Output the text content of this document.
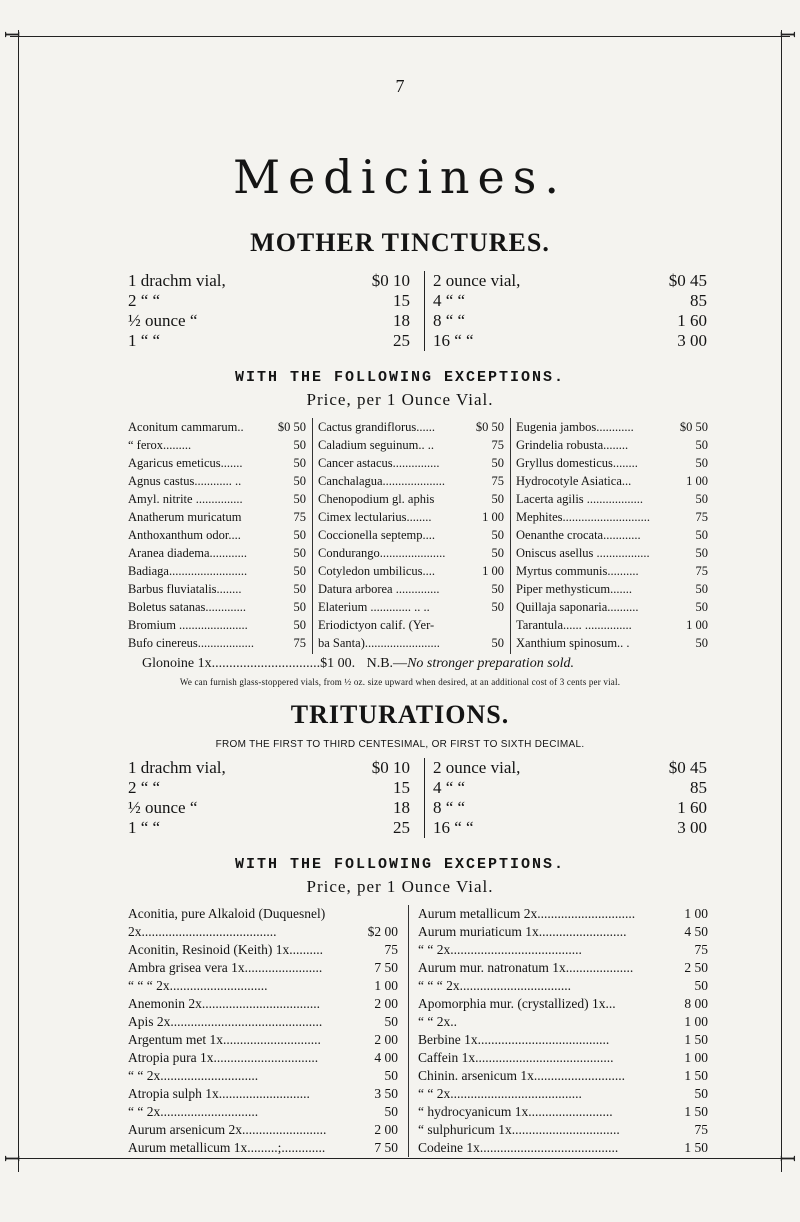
ꟷ	ꟷ
7
Medicines.
MOTHER TINCTURES.
1 drachm vial,	$0 10
2 “ “	15
½ ounce “	18
1 “ “	25
2 ounce vial,	$0 45
4 “ “	85
8 “ “	1 60
16 “ “	3 00
WITH THE FOLLOWING EXCEPTIONS.
Price, per 1 Ounce Vial.
Aconitum cammarum..	$0 50
“ ferox.........	50
Agaricus emeticus.......	50
Agnus castus............ ..	50
Amyl. nitrite ...............	50
Anatherum muricatum	75
Anthoxanthum odor....	50
Aranea diadema............	50
Badiaga.........................	50
Barbus fluviatalis........	50
Boletus satanas.............	50
Bromium ......................	50
Bufo cinereus..................	75
Cactus grandiflorus......	$0 50
Caladium seguinum.. ..	75
Cancer astacus...............	50
Canchalagua....................	75
Chenopodium gl. aphis	50
Cimex lectularius........	1 00
Coccionella septemp....	50
Condurango.....................	50
Cotyledon umbilicus....	1 00
Datura arborea ..............	50
Elaterium ............. .. ..	50
Eriodictyon calif. (Yer-
ba Santa)........................	50
Eugenia jambos............	$0 50
Grindelia robusta........	50
Gryllus domesticus........	50
Hydrocotyle Asiatica...	1 00
Lacerta agilis ..................	50
Mephites............................	75
Oenanthe crocata............	50
Oniscus asellus .................	50
Myrtus communis..........	75
Piper methysticum.......	50
Quillaja saponaria..........	50
Tarantula...... ...............	1 00
Xanthium spinosum.. .	50
Glonoine 1x...............................$1 00. N.B.—No stronger preparation sold.
We can furnish glass-stoppered vials, from ½ oz. size upward when desired, at an additional cost of 3 cents per vial.
TRITURATIONS.
FROM THE FIRST TO THIRD CENTESIMAL, OR FIRST TO SIXTH DECIMAL.
1 drachm vial,	$0 10
2 “ “	15
½ ounce “	18
1 “ “	25
2 ounce vial,	$0 45
4 “ “	85
8 “ “	1 60
16 “ “	3 00
WITH THE FOLLOWING EXCEPTIONS.
Price, per 1 Ounce Vial.
Aconitia, pure Alkaloid (Duquesnel)
2x........................................	$2 00
Aconitin, Resinoid (Keith) 1x..........	75
Ambra grisea vera 1x.......................	7 50
“ “ “ 2x.............................	1 00
Anemonin 2x...................................	2 00
Apis 2x.............................................	50
Argentum met 1x.............................	2 00
Atropia pura 1x...............................	4 00
“ “ 2x.............................	50
Atropia sulph 1x...........................	3 50
“ “ 2x.............................	50
Aurum arsenicum 2x.........................	2 00
Aurum metallicum 1x.........;.............	7 50
Aurum metallicum 2x.............................	1 00
Aurum muriaticum 1x..........................	4 50
“ “ 2x.......................................	75
Aurum mur. natronatum 1x....................	2 50
“ “ “ 2x.................................	50
Apomorphia mur. (crystallized) 1x...	8 00
“ “ 2x..	1 00
Berbine 1x.......................................	1 50
Caffein 1x.........................................	1 00
Chinin. arsenicum 1x...........................	1 50
“ “ 2x.......................................	50
“ hydrocyanicum 1x.........................	1 50
“ sulphuricum 1x................................	75
Codeine 1x.........................................	1 50
ꟷ	ꟷ
